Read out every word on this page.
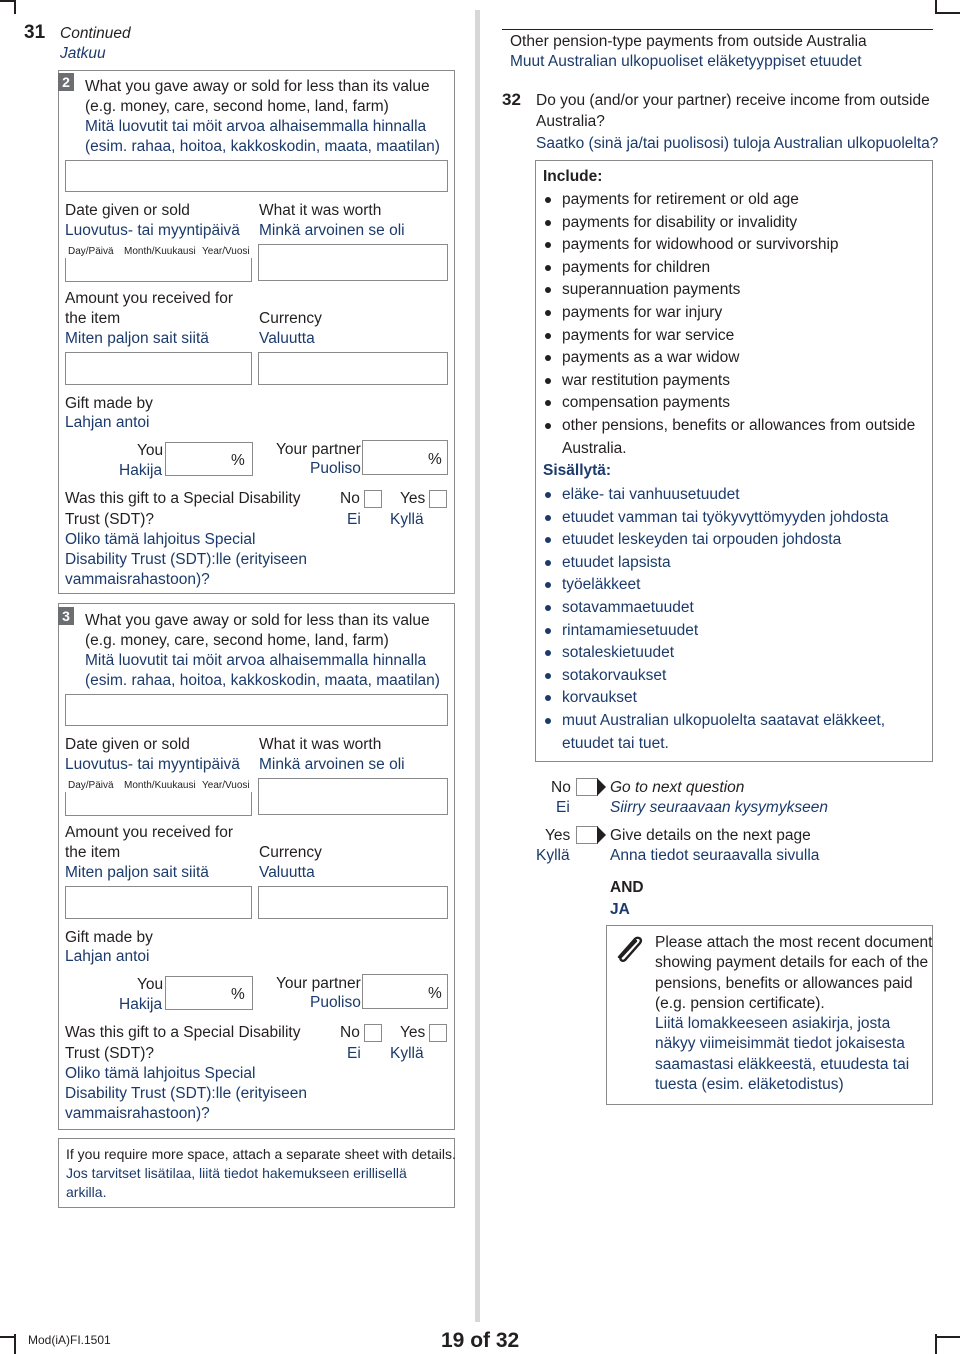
31 Continued
Jatkuu
2 What you gave away or sold for less than its value
(e.g. money, care, second home, land, farm)
Mitä luovutit tai möit arvoa alhaisemmalla hinnalla
(esim. rahaa, hoitoa, kakkoskodin, maata, maatilan)
Date given or sold
Luovutus- tai myyntipäivä
Day/Päivä Month/Kuukausi Year/Vuosi
What it was worth
Minkä arvoinen se oli
Amount you received for
the item
Miten paljon sait siitä
Currency
Valuutta
Gift made by
Lahjan antoi
You
Hakija
%
Your partner
Puoliso
%
Was this gift to a Special Disability
Trust (SDT)?
Oliko tämä lahjoitus Special
Disability Trust (SDT):lle (erityiseen
vammaisrahastoon)?
No
Ei
Yes
Kyllä
3 What you gave away or sold for less than its value
(e.g. money, care, second home, land, farm)
Mitä luovutit tai möit arvoa alhaisemmalla hinnalla
(esim. rahaa, hoitoa, kakkoskodin, maata, maatilan)
Date given or sold
Luovutus- tai myyntipäivä
Day/Päivä Month/Kuukausi Year/Vuosi
What it was worth
Minkä arvoinen se oli
Amount you received for
the item
Miten paljon sait siitä
Currency
Valuutta
Gift made by
Lahjan antoi
You
Hakija
%
Your partner
Puoliso
%
Was this gift to a Special Disability
Trust (SDT)?
Oliko tämä lahjoitus Special
Disability Trust (SDT):lle (erityiseen
vammaisrahastoon)?
No
Ei
Yes
Kyllä
If you require more space, attach a separate sheet with details.
Jos tarvitset lisätilaa, liitä tiedot hakemukseen erillisellä
arkilla.
Other pension-type payments from outside Australia
Muut Australian ulkopuoliset eläketyyppiset etuudet
32 Do you (and/or your partner) receive income from outside
Australia?
Saatko (sinä ja/tai puolisosi) tuloja Australian ulkopuolelta?
Include:
payments for retirement or old age
payments for disability or invalidity
payments for widowhood or survivorship
payments for children
superannuation payments
payments for war injury
payments for war service
payments as a war widow
war restitution payments
compensation payments
other pensions, benefits or allowances from outside
Australia.
Sisällytä:
eläke- tai vanhuusetuudet
etuudet vamman tai työkyvyttömyyden johdosta
etuudet leskeyden tai orpouden johdosta
etuudet lapsista
työeläkkeet
sotavammaetuudet
rintamamiesetuudet
sotaleskietuudet
sotakorvaukset
korvaukset
muut Australian ulkopuolelta saatavat eläkkeet,
etuudet tai tuet.
No
Ei
Go to next question
Siirry seuraavaan kysymykseen
Yes
Kyllä
Give details on the next page
Anna tiedot seuraavalla sivulla
AND
JA
Please attach the most recent document
showing payment details for each of the
pensions, benefits or allowances paid
(e.g. pension certificate).
Liitä lomakkeeseen asiakirja, josta
näkyy viimeisimmät tiedot jokaisesta
saamastasi eläkkeestä, etuudesta tai
tuesta (esim. eläketodistus)
Mod(iA)FI.1501	19 of 32
